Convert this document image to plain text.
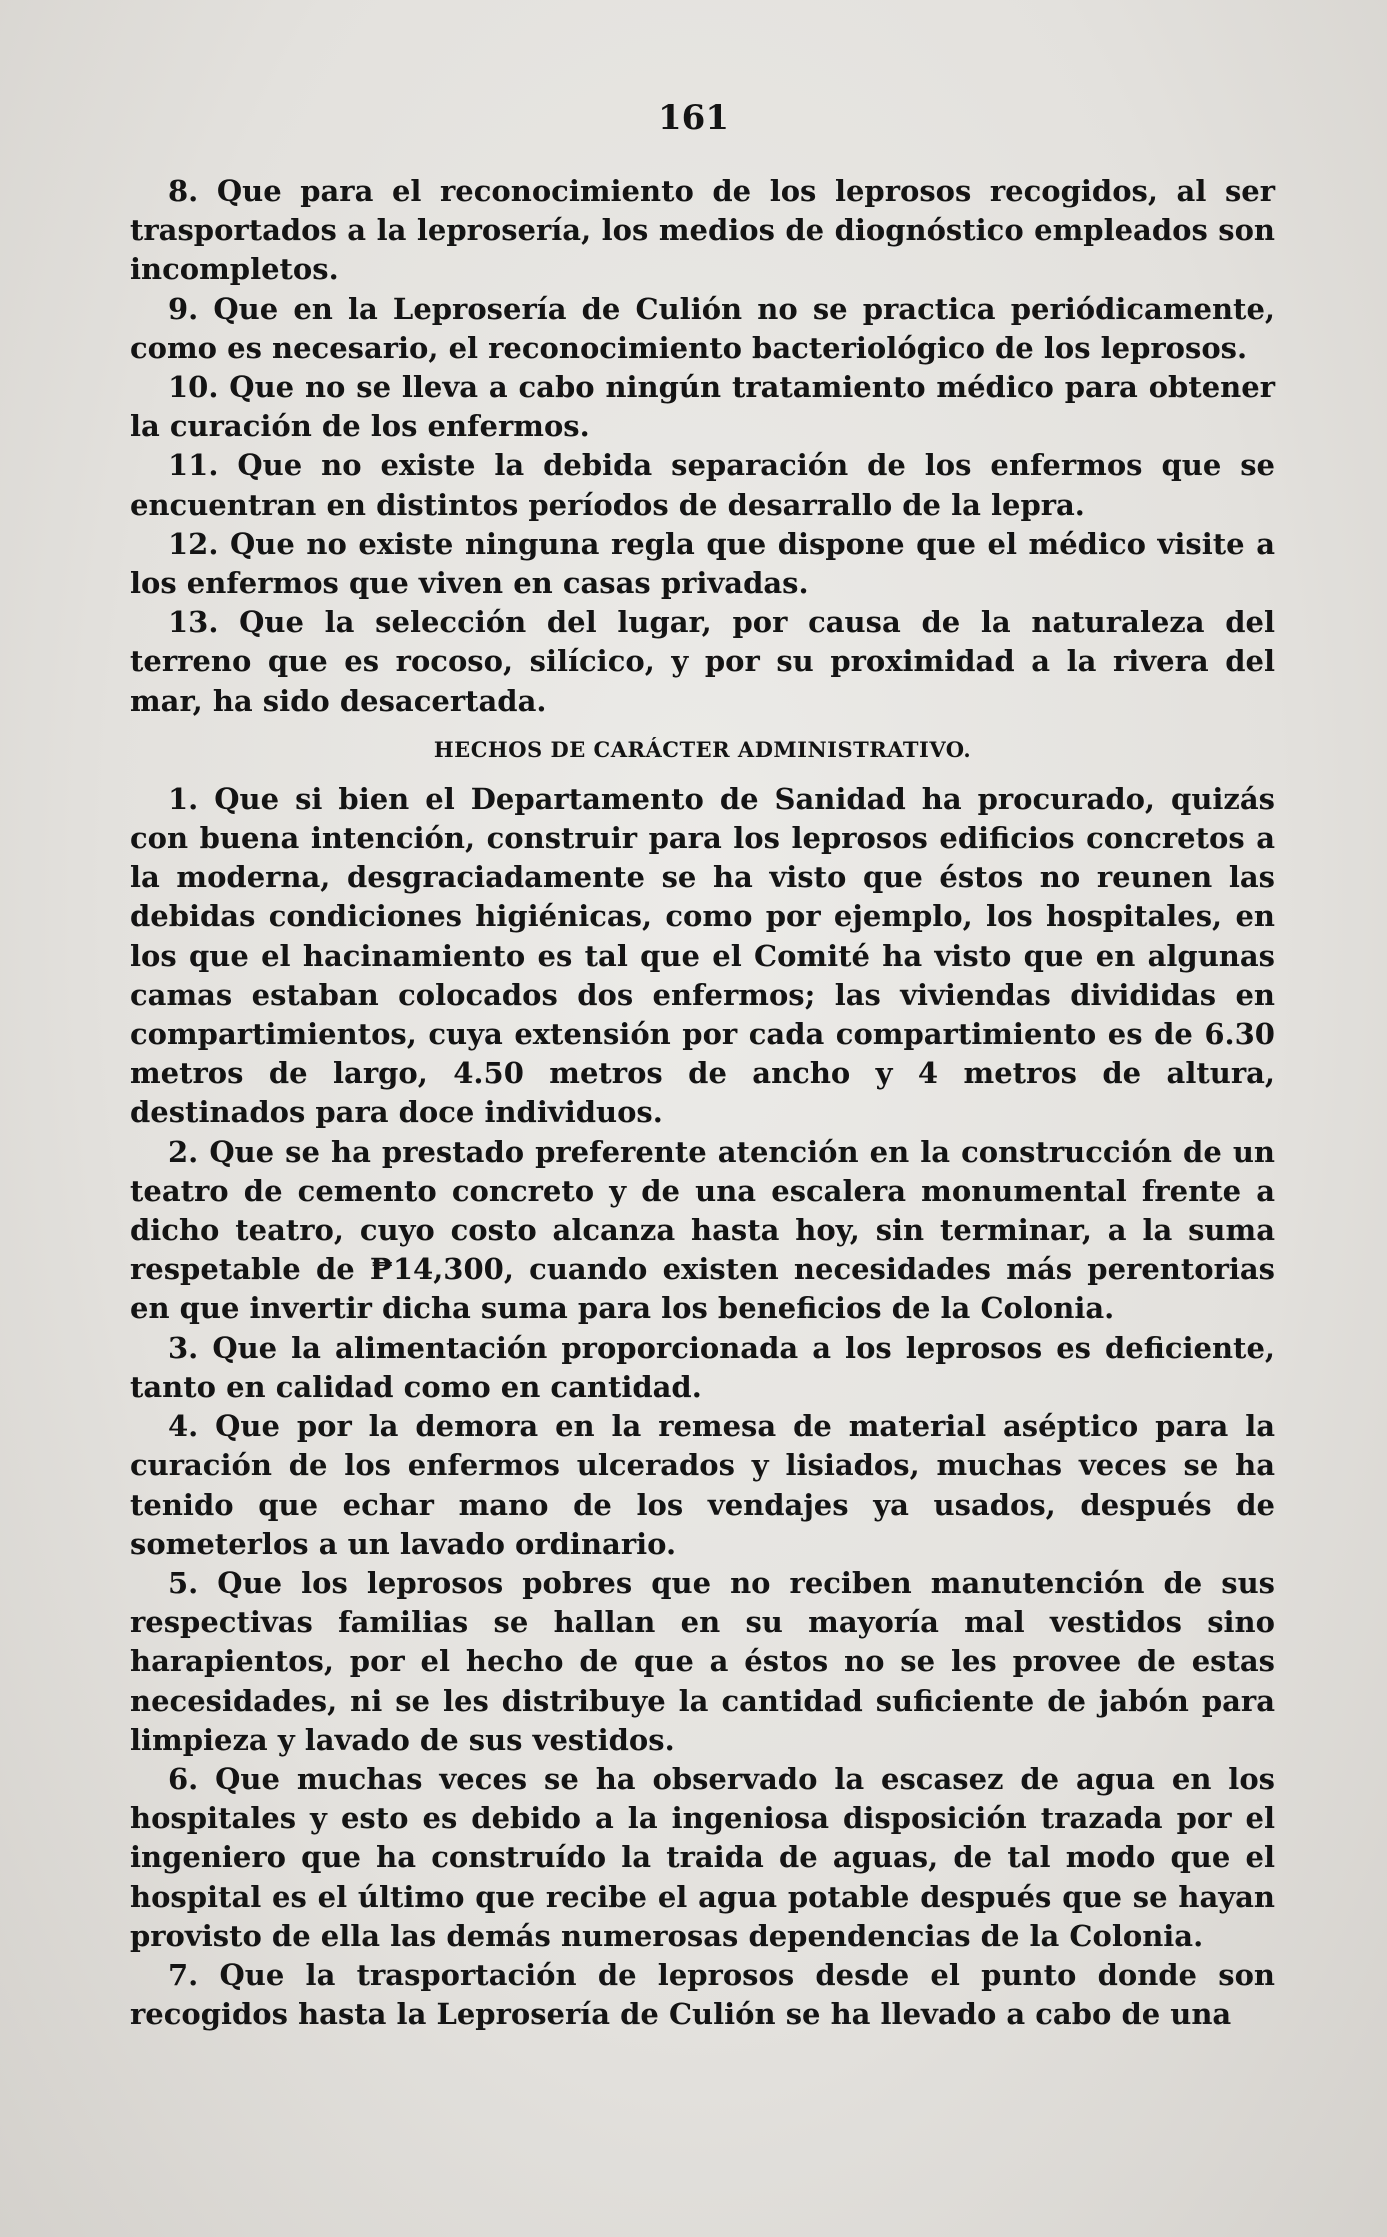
161

8. Que para el reconocimiento de los leprosos recogidos, al ser trasportados a la leprosería, los medios de diognóstico empleados son incompletos.

9. Que en la Leprosería de Culión no se practica periódicamente, como es necesario, el reconocimiento bacteriológico de los leprosos.

10. Que no se lleva a cabo ningún tratamiento médico para obtener la curación de los enfermos.

11. Que no existe la debida separación de los enfermos que se encuentran en distintos períodos de desarrallo de la lepra.

12. Que no existe ninguna regla que dispone que el médico visite a los enfermos que viven en casas privadas.

13. Que la selección del lugar, por causa de la naturaleza del terreno que es rocoso, silícico, y por su proximidad a la rivera del mar, ha sido desacertada.

HECHOS DE CARÁCTER ADMINISTRATIVO.

1. Que si bien el Departamento de Sanidad ha procurado, quizás con buena intención, construir para los leprosos edificios concretos a la moderna, desgraciadamente se ha visto que éstos no reunen las debidas condiciones higiénicas, como por ejemplo, los hospitales, en los que el hacinamiento es tal que el Comité ha visto que en algunas camas estaban colocados dos enfermos; las viviendas divididas en compartimientos, cuya extensión por cada compartimiento es de 6.30 metros de largo, 4.50 metros de ancho y 4 metros de altura, destinados para doce individuos.

2. Que se ha prestado preferente atención en la construcción de un teatro de cemento concreto y de una escalera monumental frente a dicho teatro, cuyo costo alcanza hasta hoy, sin terminar, a la suma respetable de ₱14,300, cuando existen necesidades más perentorias en que invertir dicha suma para los beneficios de la Colonia.

3. Que la alimentación proporcionada a los leprosos es deficiente, tanto en calidad como en cantidad.

4. Que por la demora en la remesa de material aséptico para la curación de los enfermos ulcerados y lisiados, muchas veces se ha tenido que echar mano de los vendajes ya usados, después de someterlos a un lavado ordinario.

5. Que los leprosos pobres que no reciben manutención de sus respectivas familias se hallan en su mayoría mal vestidos sino harapientos, por el hecho de que a éstos no se les provee de estas necesidades, ni se les distribuye la cantidad suficiente de jabón para limpieza y lavado de sus vestidos.

6. Que muchas veces se ha observado la escasez de agua en los hospitales y esto es debido a la ingeniosa disposición trazada por el ingeniero que ha construído la traida de aguas, de tal modo que el hospital es el último que recibe el agua potable después que se hayan provisto de ella las demás numerosas dependencias de la Colonia.

7. Que la trasportación de leprosos desde el punto donde son recogidos hasta la Leprosería de Culión se ha llevado a cabo de una
